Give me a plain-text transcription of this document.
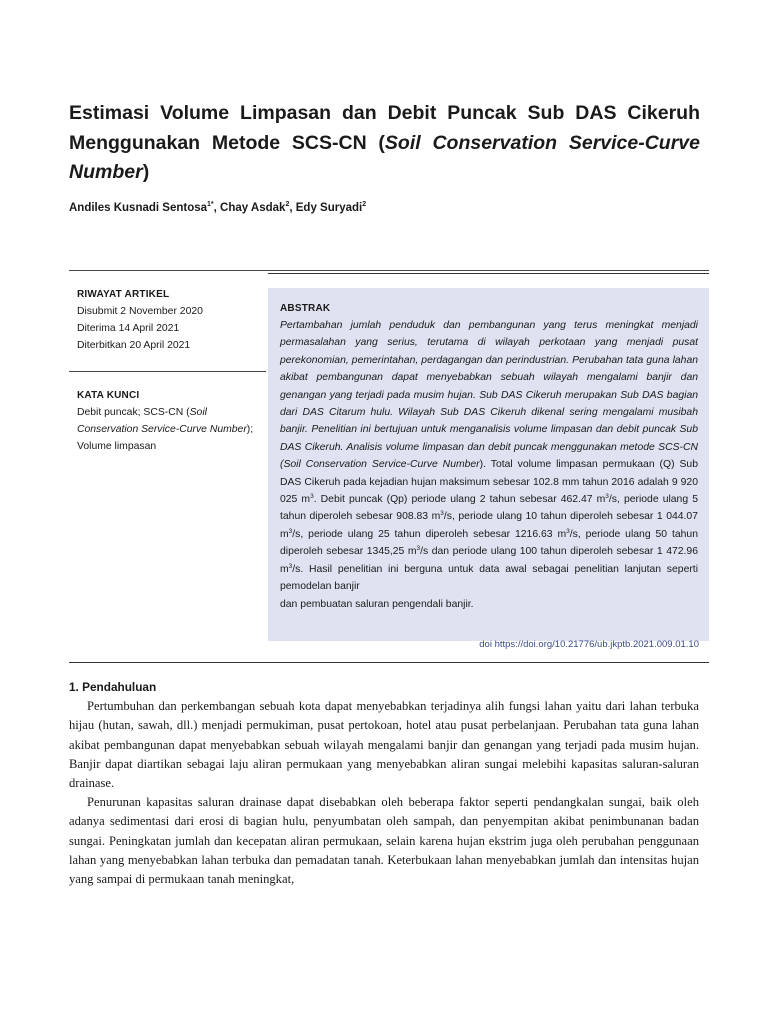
Estimasi Volume Limpasan dan Debit Puncak Sub DAS Cikeruh Menggunakan Metode SCS-CN (Soil Conservation Service-Curve Number)

Andiles Kusnadi Sentosa$^{1*}$, Chay Asdak$^2$, Edy Suryadi$^2$

RIWAYAT ARTIKEL
Disubmit 2 November 2020
Diterima 14 April 2021
Diterbitkan 20 April 2021
KATA KUNCI
Debit puncak; SCS-CN (Soil Conservation Service-Curve Number); Volume limpasan
ABSTRAK

Pertambahan jumlah penduduk dan pembangunan yang terus meningkat menjadi permasalahan yang serius, terutama di wilayah perkotaan yang menjadi pusat perekonomian, pemerintahan, perdagangan dan perindustrian. Perubahan tata guna lahan akibat pembangunan dapat menyebabkan sebuah wilayah mengalami banjir dan genangan yang terjadi pada musim hujan. Sub DAS Cikeruh merupakan Sub DAS bagian dari DAS Citarum hulu. Wilayah Sub DAS Cikeruh dikenal sering mengalami musibah banjir. Penelitian ini bertujuan untuk menganalisis volume limpasan dan debit puncak Sub DAS Cikeruh. Analisis volume limpasan dan debit puncak menggunakan metode SCS-CN (Soil Conservation Service-Curve Number). Total volume limpasan permukaan (Q) Sub DAS Cikeruh pada kejadian hujan maksimum sebesar 102.8 mm tahun 2016 adalah 9 920 025 $m^3$. Debit puncak (Qp) periode ulang 2 tahun sebesar 462.47 $m^3/s$, periode ulang 5 tahun diperoleh sebesar 908.83 $m^3/s$, periode ulang 10 tahun diperoleh sebesar 1 044.07 $m^3/s$, periode ulang 25 tahun diperoleh sebesar 1216.63 $m^3/s$, periode ulang 50 tahun diperoleh sebesar 1345,25 $m^3/s$ dan periode ulang 100 tahun diperoleh sebesar 1 472.96 $m^3/s$. Hasil penelitian ini berguna untuk data awal sebagai penelitian lanjutan seperti pemodelan banjir

dan pembuatan saluran pengendali banjir.

doi https://doi.org/10.21776/ub.jkptb.2021.009.01.10
1. Pendahuluan

Pertumbuhan dan perkembangan sebuah kota dapat menyebabkan terjadinya alih fungsi lahan yaitu dari lahan terbuka hijau (hutan, sawah, dll.) menjadi permukiman, pusat pertokoan, hotel atau pusat perbelanjaan. Perubahan tata guna lahan akibat pembangunan dapat menyebabkan sebuah wilayah mengalami banjir dan genangan yang terjadi pada musim hujan. Banjir dapat diartikan sebagai laju aliran permukaan yang menyebabkan aliran sungai melebihi kapasitas saluran-saluran drainase.

Penurunan kapasitas saluran drainase dapat disebabkan oleh beberapa faktor seperti pendangkalan sungai, baik oleh adanya sedimentasi dari erosi di bagian hulu, penyumbatan oleh sampah, dan penyempitan akibat penimbunanan badan sungai. Peningkatan jumlah dan kecepatan aliran permukaan, selain karena hujan ekstrim juga oleh perubahan penggunaan lahan yang menyebabkan lahan terbuka dan pemadatan tanah. Keterbukaan lahan menyebabkan jumlah dan intensitas hujan yang sampai di permukaan tanah meningkat,
